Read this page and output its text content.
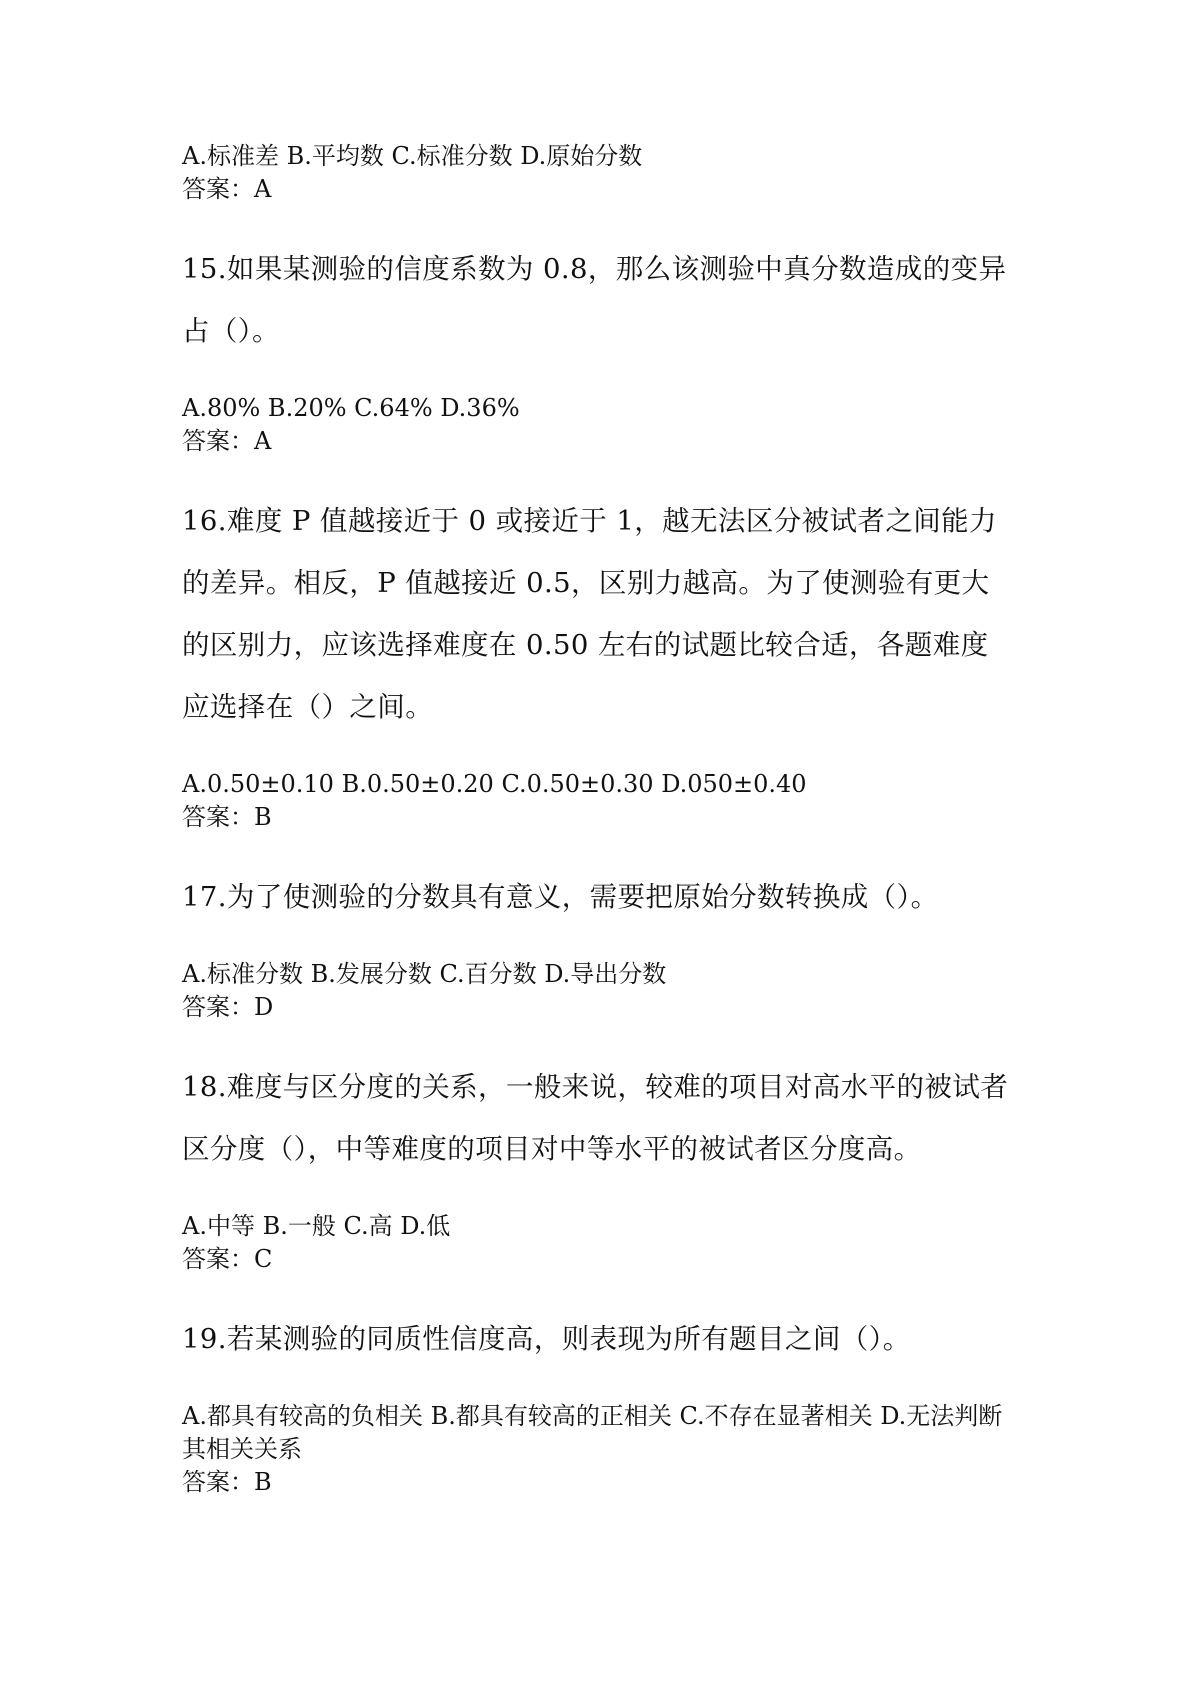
A.标准差 B.平均数 C.标准分数 D.原始分数

答案：A

15.如果某测验的信度系数为 0.8，那么该测验中真分数造成的变异占（）。

A.80% B.20% C.64% D.36%

答案：A

16.难度 P 值越接近于 0 或接近于 1，越无法区分被试者之间能力的差异。相反，P 值越接近 0.5，区别力越高。为了使测验有更大的区别力，应该选择难度在 0.50 左右的试题比较合适，各题难度应选择在（）之间。

A.0.50±0.10 B.0.50±0.20 C.0.50±0.30 D.050±0.40

答案：B

17.为了使测验的分数具有意义，需要把原始分数转换成（）。

A.标准分数 B.发展分数 C.百分数 D.导出分数

答案：D

18.难度与区分度的关系，一般来说，较难的项目对高水平的被试者区分度（），中等难度的项目对中等水平的被试者区分度高。

A.中等 B.一般 C.高 D.低

答案：C

19.若某测验的同质性信度高，则表现为所有题目之间（）。

A.都具有较高的负相关 B.都具有较高的正相关 C.不存在显著相关 D.无法判断其相关关系

答案：B
